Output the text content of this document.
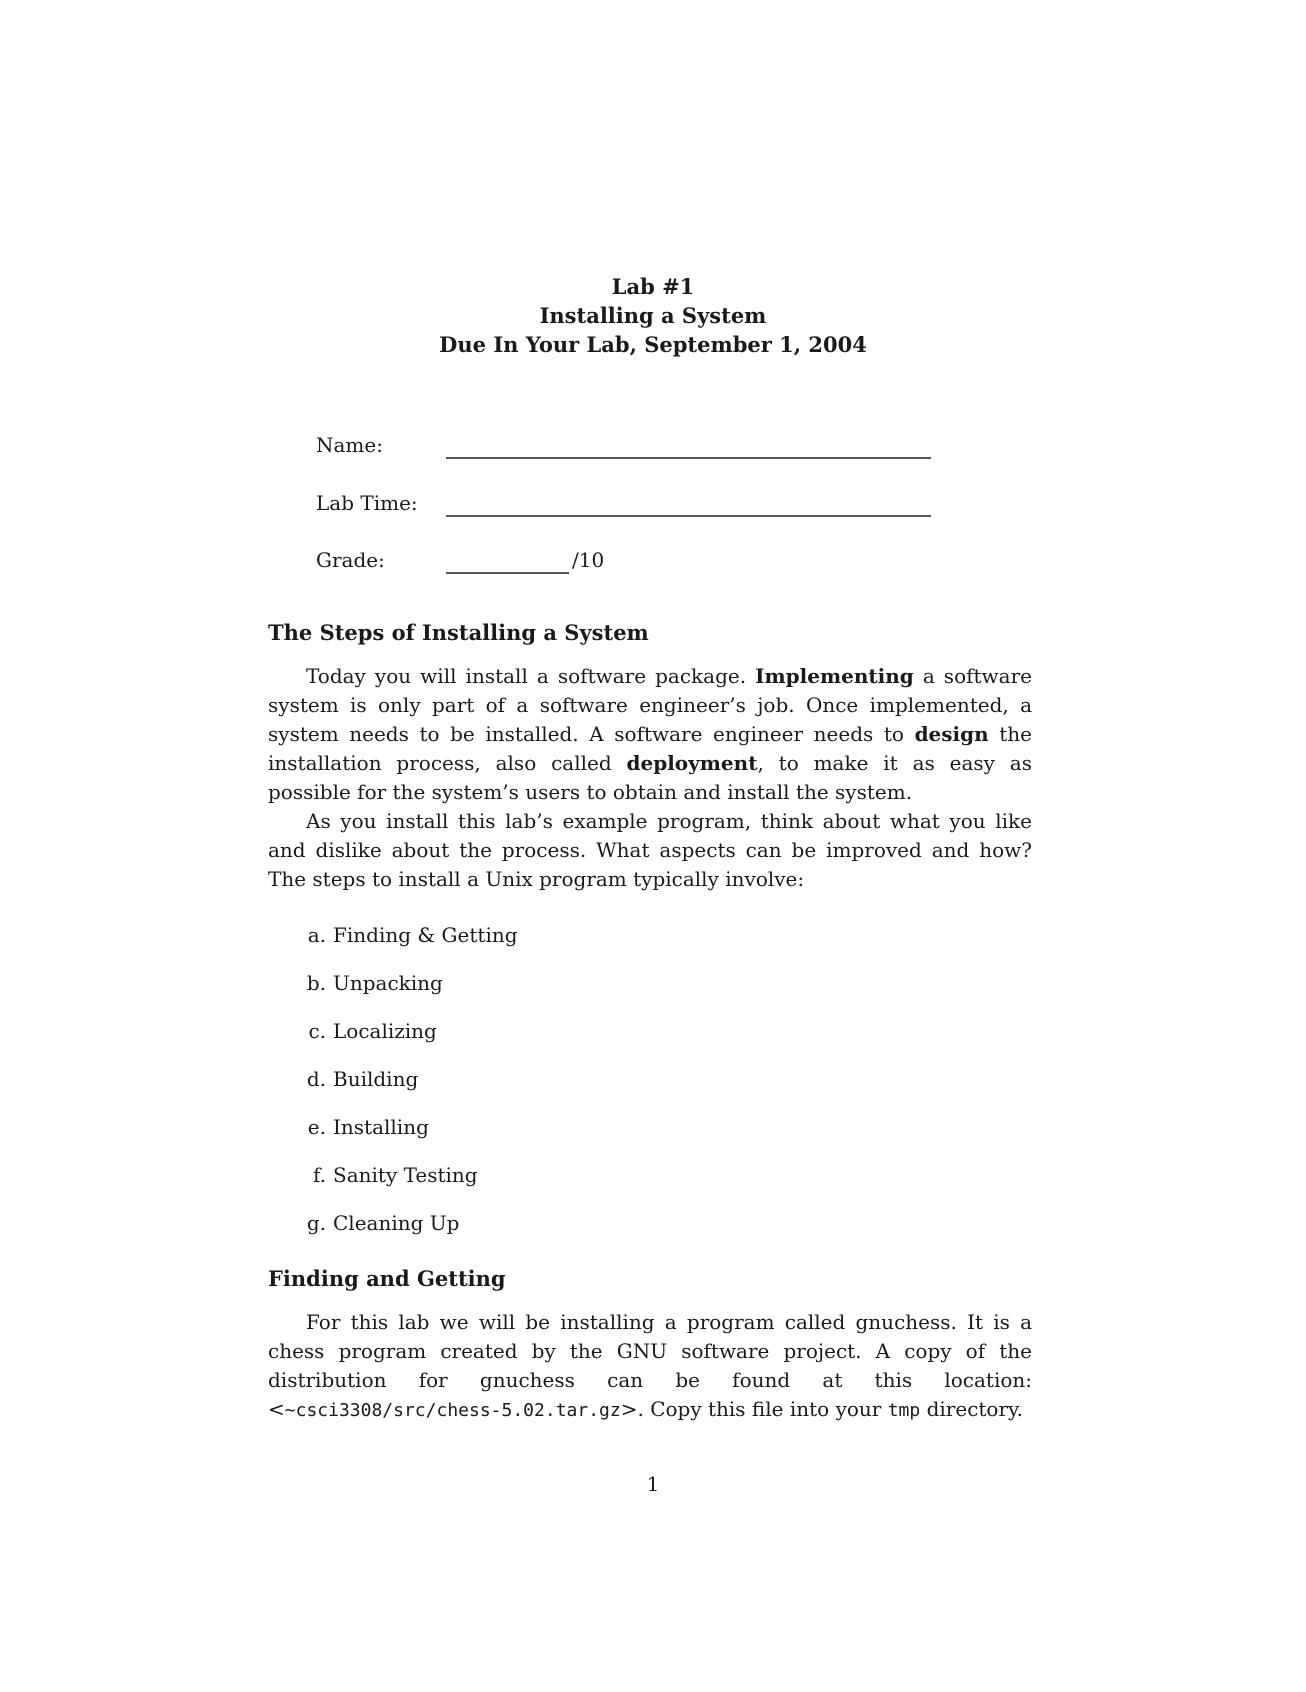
Lab #1
Installing a System
Due In Your Lab, September 1, 2004
Name:
Lab Time:
Grade:	/10
The Steps of Installing a System

Today you will install a software package. Implementing a software system is only part of a software engineer’s job. Once implemented, a system needs to be installed. A software engineer needs to design the installation process, also called deployment, to make it as easy as possible for the system’s users to obtain and install the system.

As you install this lab’s example program, think about what you like and dislike about the process. What aspects can be improved and how? The steps to install a Unix program typically involve:

a. Finding & Getting
b. Unpacking
c. Localizing
d. Building
e. Installing
f. Sanity Testing
g. Cleaning Up
Finding and Getting

For this lab we will be installing a program called gnuchess. It is a chess program created by the GNU software project. A copy of the distribution for gnuchess can be found at this location: <~csci3308/src/chess-5.02.tar.gz>. Copy this file into your tmp directory.

1
